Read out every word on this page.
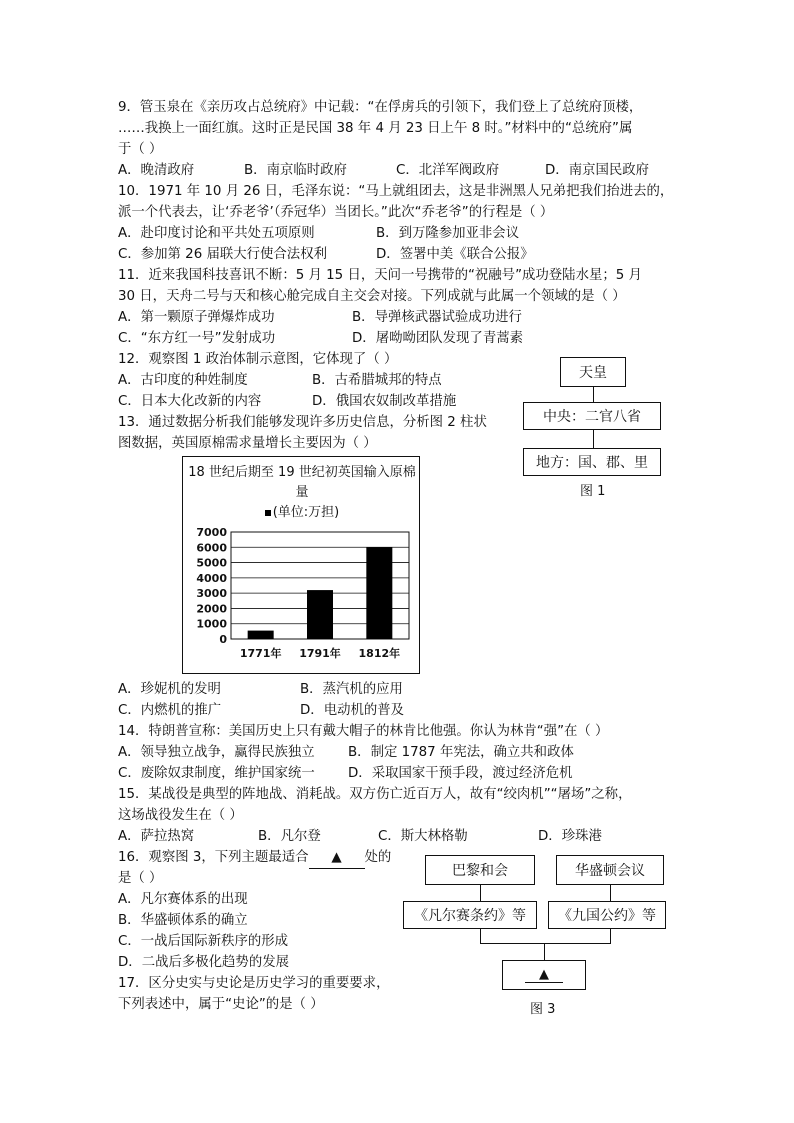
9．管玉泉在《亲历攻占总统府》中记载：“在俘虏兵的引领下，我们登上了总统府顶楼，
……我换上一面红旗。这时正是民国 38 年 4 月 23 日上午 8 时。”材料中的“总统府”属
于（ ）
A．晚清政府	B．南京临时政府	C．北洋军阀政府	D．南京国民政府
10．1971 年 10 月 26 日，毛泽东说：“马上就组团去，这是非洲黑人兄弟把我们抬进去的，
派一个代表去，让‘乔老爷’（乔冠华）当团长。”此次“乔老爷”的行程是（ ）
A．赴印度讨论和平共处五项原则	B．到万隆参加亚非会议
C．参加第 26 届联大行使合法权利	D．签署中美《联合公报》
11．近来我国科技喜讯不断：5 月 15 日，天问一号携带的“祝融号”成功登陆水星；5 月
30 日，天舟二号与天和核心舱完成自主交会对接。下列成就与此属一个领域的是（ ）
A．第一颗原子弹爆炸成功	B．导弹核武器试验成功进行
C．“东方红一号”发射成功	D．屠呦呦团队发现了青蒿素
12．观察图 1 政治体制示意图，它体现了（ ）
A．古印度的种姓制度	B．古希腊城邦的特点
C．日本大化改新的内容	D．俄国农奴制改革措施
天皇
中央：二官八省
地方：国、郡、里
图 1
13．通过数据分析我们能够发现许多历史信息，分析图 2 柱状
图数据，英国原棉需求量增长主要因为（ ）
18 世纪后期至 19 世纪初英国输入原棉
量
(单位:万担)
0
1000
2000
3000
4000
5000
6000
7000
1771年 1791年 1812年
A．珍妮机的发明	B．蒸汽机的应用
C．内燃机的推广	D．电动机的普及
14．特朗普宣称：美国历史上只有戴大帽子的林肯比他强。你认为林肯“强”在（ ）
A．领导独立战争，赢得民族独立 B．制定 1787 年宪法，确立共和政体
C．废除奴隶制度，维护国家统一 D．采取国家干预手段，渡过经济危机
15．某战役是典型的阵地战、消耗战。双方伤亡近百万人，故有“绞肉机”“屠场”之称，
这场战役发生在（ ）
A．萨拉热窝	B．凡尔登	C．斯大林格勒	D．珍珠港
16．观察图 3，下列主题最适合 ▲ 处的
是（ ）
A．凡尔赛体系的出现
B．华盛顿体系的确立
C．一战后国际新秩序的形成
D．二战后多极化趋势的发展
巴黎和会	华盛顿会议
《凡尔赛条约》等	《九国公约》等
▲
图 3
17．区分史实与史论是历史学习的重要要求，
下列表述中，属于“史论”的是（ ）
